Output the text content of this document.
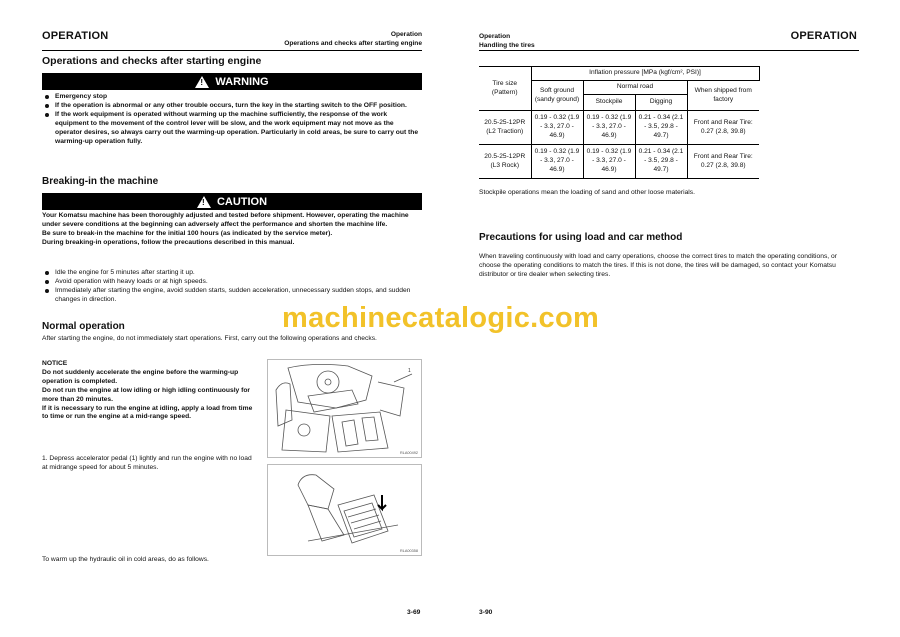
OPERATION	Operation
Operations and checks after starting engine
Operations and checks after starting engine
!
WARNING
Emergency stop
If the operation is abnormal or any other trouble occurs, turn the key in the starting switch to the OFF position.
If the work equipment is operated without warming up the machine sufficiently, the response of the work equipment to the movement of the control lever will be slow, and the work equipment may not move as the operator desires, so always carry out the warming-up operation. Particularly in cold areas, be sure to carry out the warming-up operation fully.
Breaking-in the machine
!
CAUTION
Your Komatsu machine has been thoroughly adjusted and tested before shipment. However, operating the machine under severe conditions at the beginning can adversely affect the performance and shorten the machine life.
Be sure to break-in the machine for the initial 100 hours (as indicated by the service meter).
During breaking-in operations, follow the precautions described in this manual.
Idle the engine for 5 minutes after starting it up.
Avoid operation with heavy loads or at high speeds.
Immediately after starting the engine, avoid sudden starts, sudden acceleration, unnecessary sudden stops, and sudden changes in direction.
Normal operation
After starting the engine, do not immediately start operations. First, carry out the following operations and checks.
NOTICE
Do not suddenly accelerate the engine before the warming-up operation is completed.
Do not run the engine at low idling or high idling continuously for more than 20 minutes.
If it is necessary to run the engine at idling, apply a load from time to time or run the engine at a mid-range speed.
1. Depress accelerator pedal (1) lightly and run the engine with no load at midrange speed for about 5 minutes.
1
RLA00492
RLA00358
To warm up the hydraulic oil in cold areas, do as follows.
3-69
Operation
Handling the tires
OPERATION
Tire size (Pattern)	Inflation pressure [MPa (kgf/cm², PSI)]			
	Soft ground (sandy ground)	Normal road		When shipped from factory
		Stockpile	Digging	
20.5-25-12PR (L2 Traction)	0.19 - 0.32 (1.9 - 3.3, 27.0 - 46.9)	0.19 - 0.32 (1.9 - 3.3, 27.0 - 46.9)	0.21 - 0.34 (2.1 - 3.5, 29.8 - 49.7)	Front and Rear Tire: 0.27 (2.8, 39.8)
20.5-25-12PR (L3 Rock)	0.19 - 0.32 (1.9 - 3.3, 27.0 - 46.9)	0.19 - 0.32 (1.9 - 3.3, 27.0 - 46.9)	0.21 - 0.34 (2.1 - 3.5, 29.8 - 49.7)	Front and Rear Tire: 0.27 (2.8, 39.8)
Stockpile operations mean the loading of sand and other loose materials.
Precautions for using load and car method
When traveling continuously with load and carry operations, choose the correct tires to match the operating conditions, or choose the operating conditions to match the tires. If this is not done, the tires will be damaged, so contact your Komatsu distributor or tire dealer when selecting tires.
3-90
machinecatalogic.com
